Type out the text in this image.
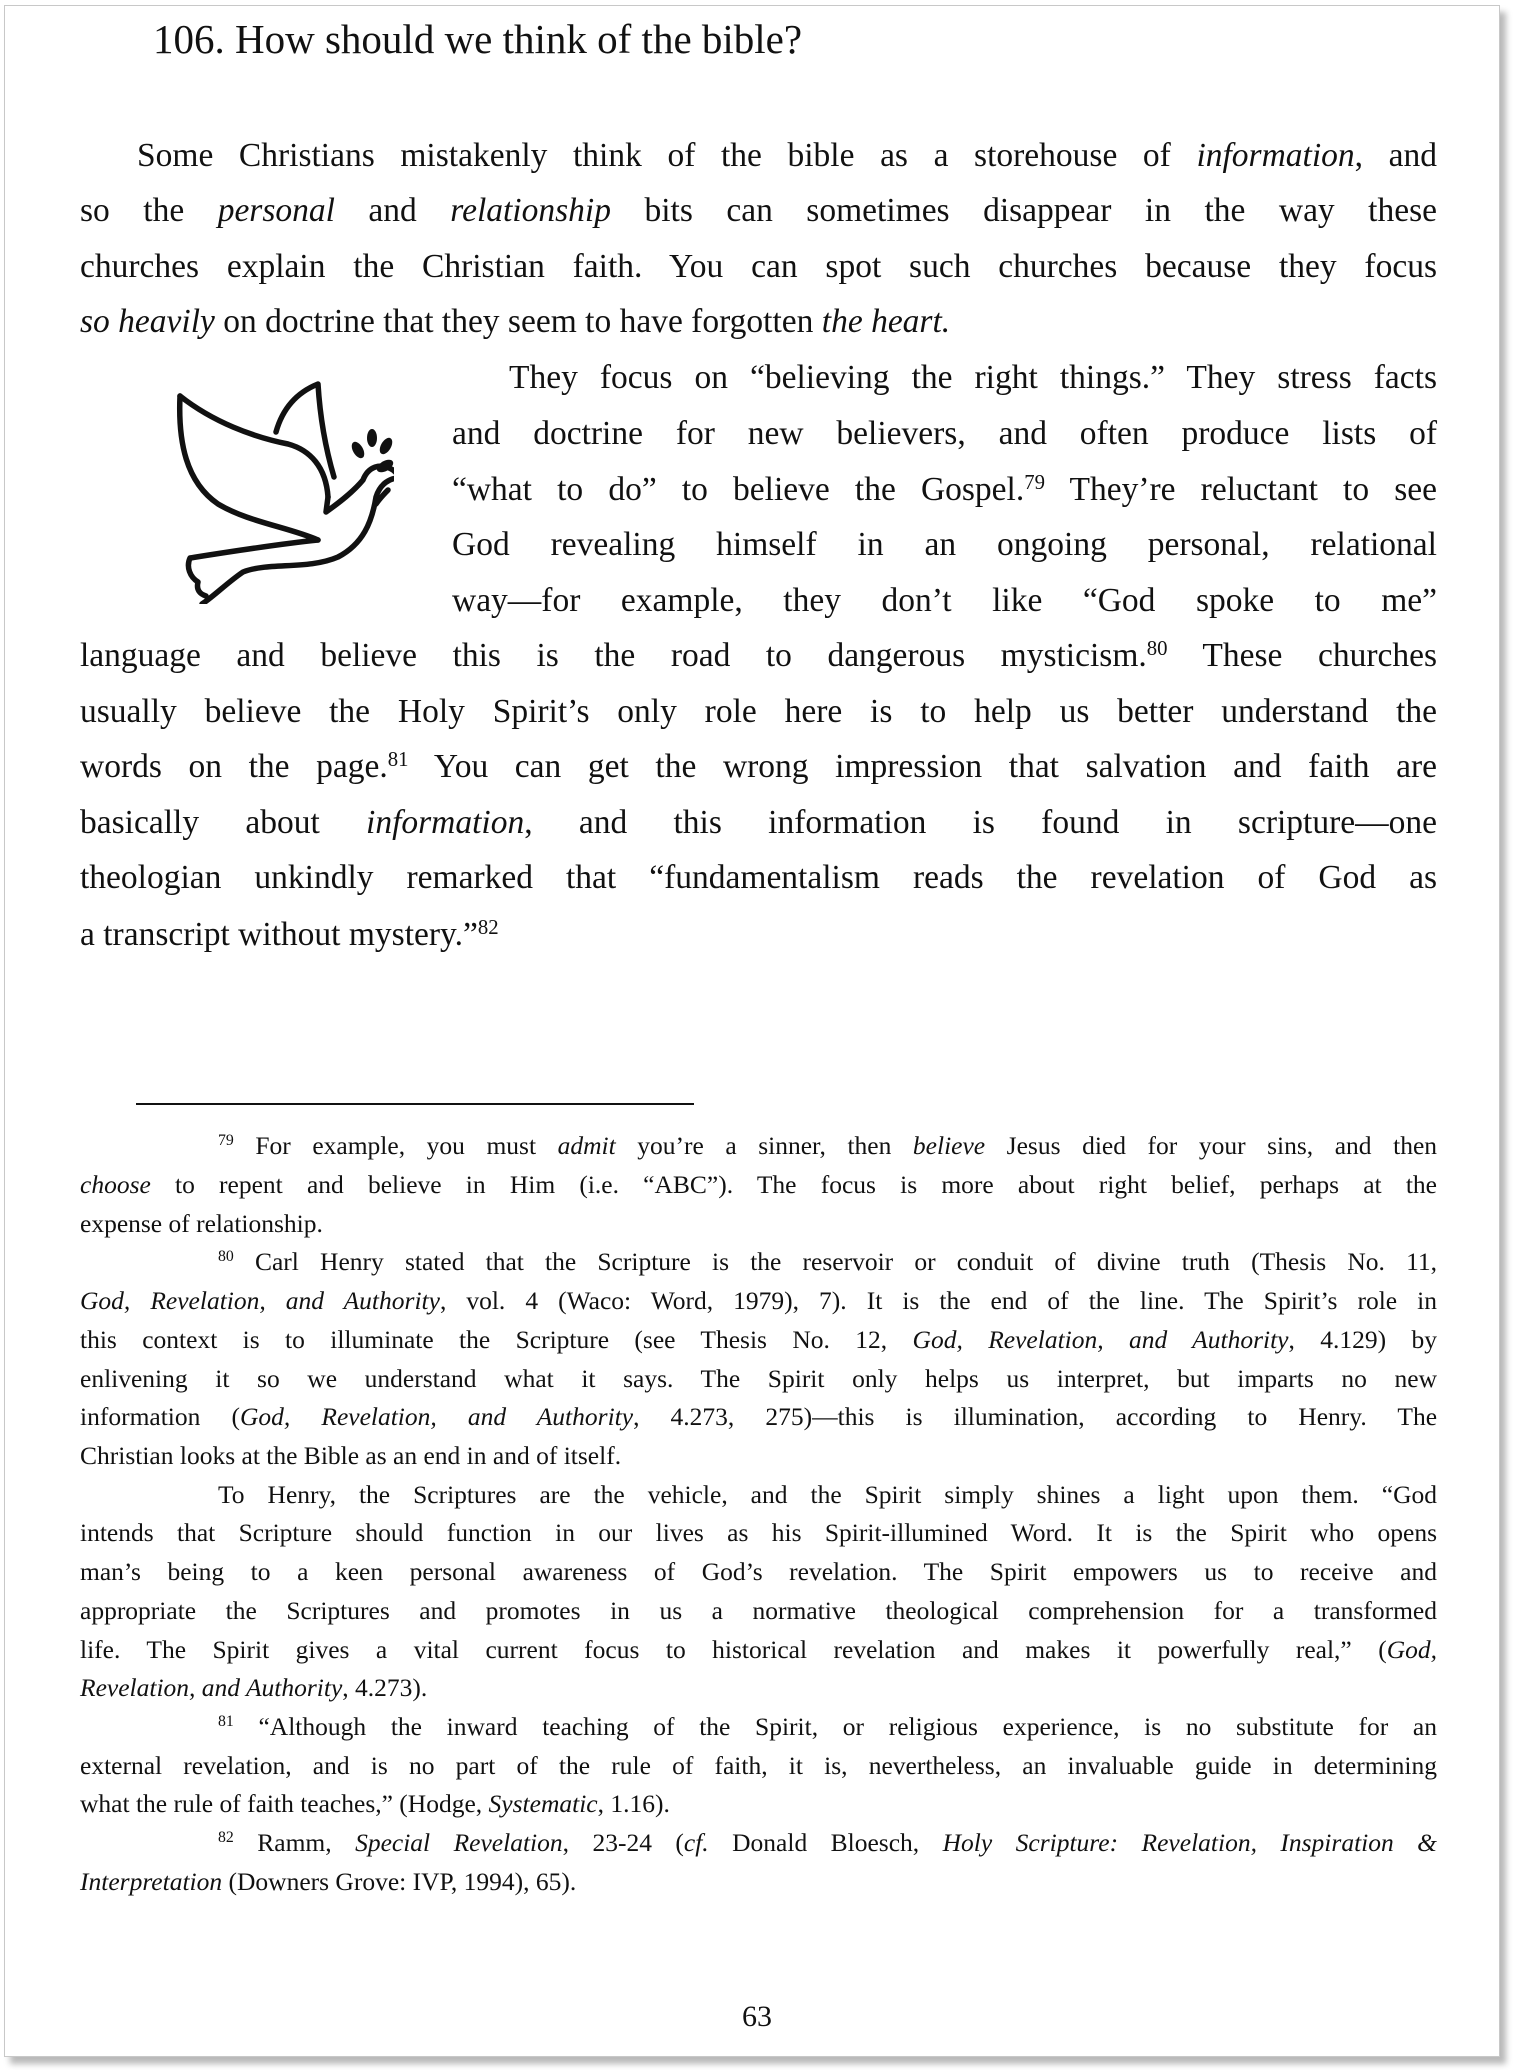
106. How should we think of the bible?
Some Christians mistakenly think of the bible as a storehouse of information, and
so the personal and relationship bits can sometimes disappear in the way these
churches explain the Christian faith. You can spot such churches because they focus
so heavily on doctrine that they seem to have forgotten the heart.
They focus on “believing the right things.” They stress facts
and doctrine for new believers, and often produce lists of
“what to do” to believe the Gospel.$^{79}$ They’re reluctant to see
God revealing himself in an ongoing personal, relational
way—for example, they don’t like “God spoke to me”
language and believe this is the road to dangerous mysticism.$^{80}$ These churches
usually believe the Holy Spirit’s only role here is to help us better understand the
words on the page.$^{81}$ You can get the wrong impression that salvation and faith are
basically about information, and this information is found in scripture—one
theologian unkindly remarked that “fundamentalism reads the revelation of God as
a transcript without mystery.”$^{82}$
$^{79}$ For example, you must admit you’re a sinner, then believe Jesus died for your sins, and then
choose to repent and believe in Him (i.e. “ABC”). The focus is more about right belief, perhaps at the
expense of relationship.
$^{80}$ Carl Henry stated that the Scripture is the reservoir or conduit of divine truth (Thesis No. 11,
God, Revelation, and Authority, vol. 4 (Waco: Word, 1979), 7). It is the end of the line. The Spirit’s role in
this context is to illuminate the Scripture (see Thesis No. 12, God, Revelation, and Authority, 4.129) by
enlivening it so we understand what it says. The Spirit only helps us interpret, but imparts no new
information (God, Revelation, and Authority, 4.273, 275)—this is illumination, according to Henry. The
Christian looks at the Bible as an end in and of itself.
To Henry, the Scriptures are the vehicle, and the Spirit simply shines a light upon them. “God
intends that Scripture should function in our lives as his Spirit-illumined Word. It is the Spirit who opens
man’s being to a keen personal awareness of God’s revelation. The Spirit empowers us to receive and
appropriate the Scriptures and promotes in us a normative theological comprehension for a transformed
life. The Spirit gives a vital current focus to historical revelation and makes it powerfully real,” (God,
Revelation, and Authority, 4.273).
$^{81}$ “Although the inward teaching of the Spirit, or religious experience, is no substitute for an
external revelation, and is no part of the rule of faith, it is, nevertheless, an invaluable guide in determining
what the rule of faith teaches,” (Hodge, Systematic, 1.16).
$^{82}$ Ramm, Special Revelation, 23-24 (cf. Donald Bloesch, Holy Scripture: Revelation, Inspiration &
Interpretation (Downers Grove: IVP, 1994), 65).
63
